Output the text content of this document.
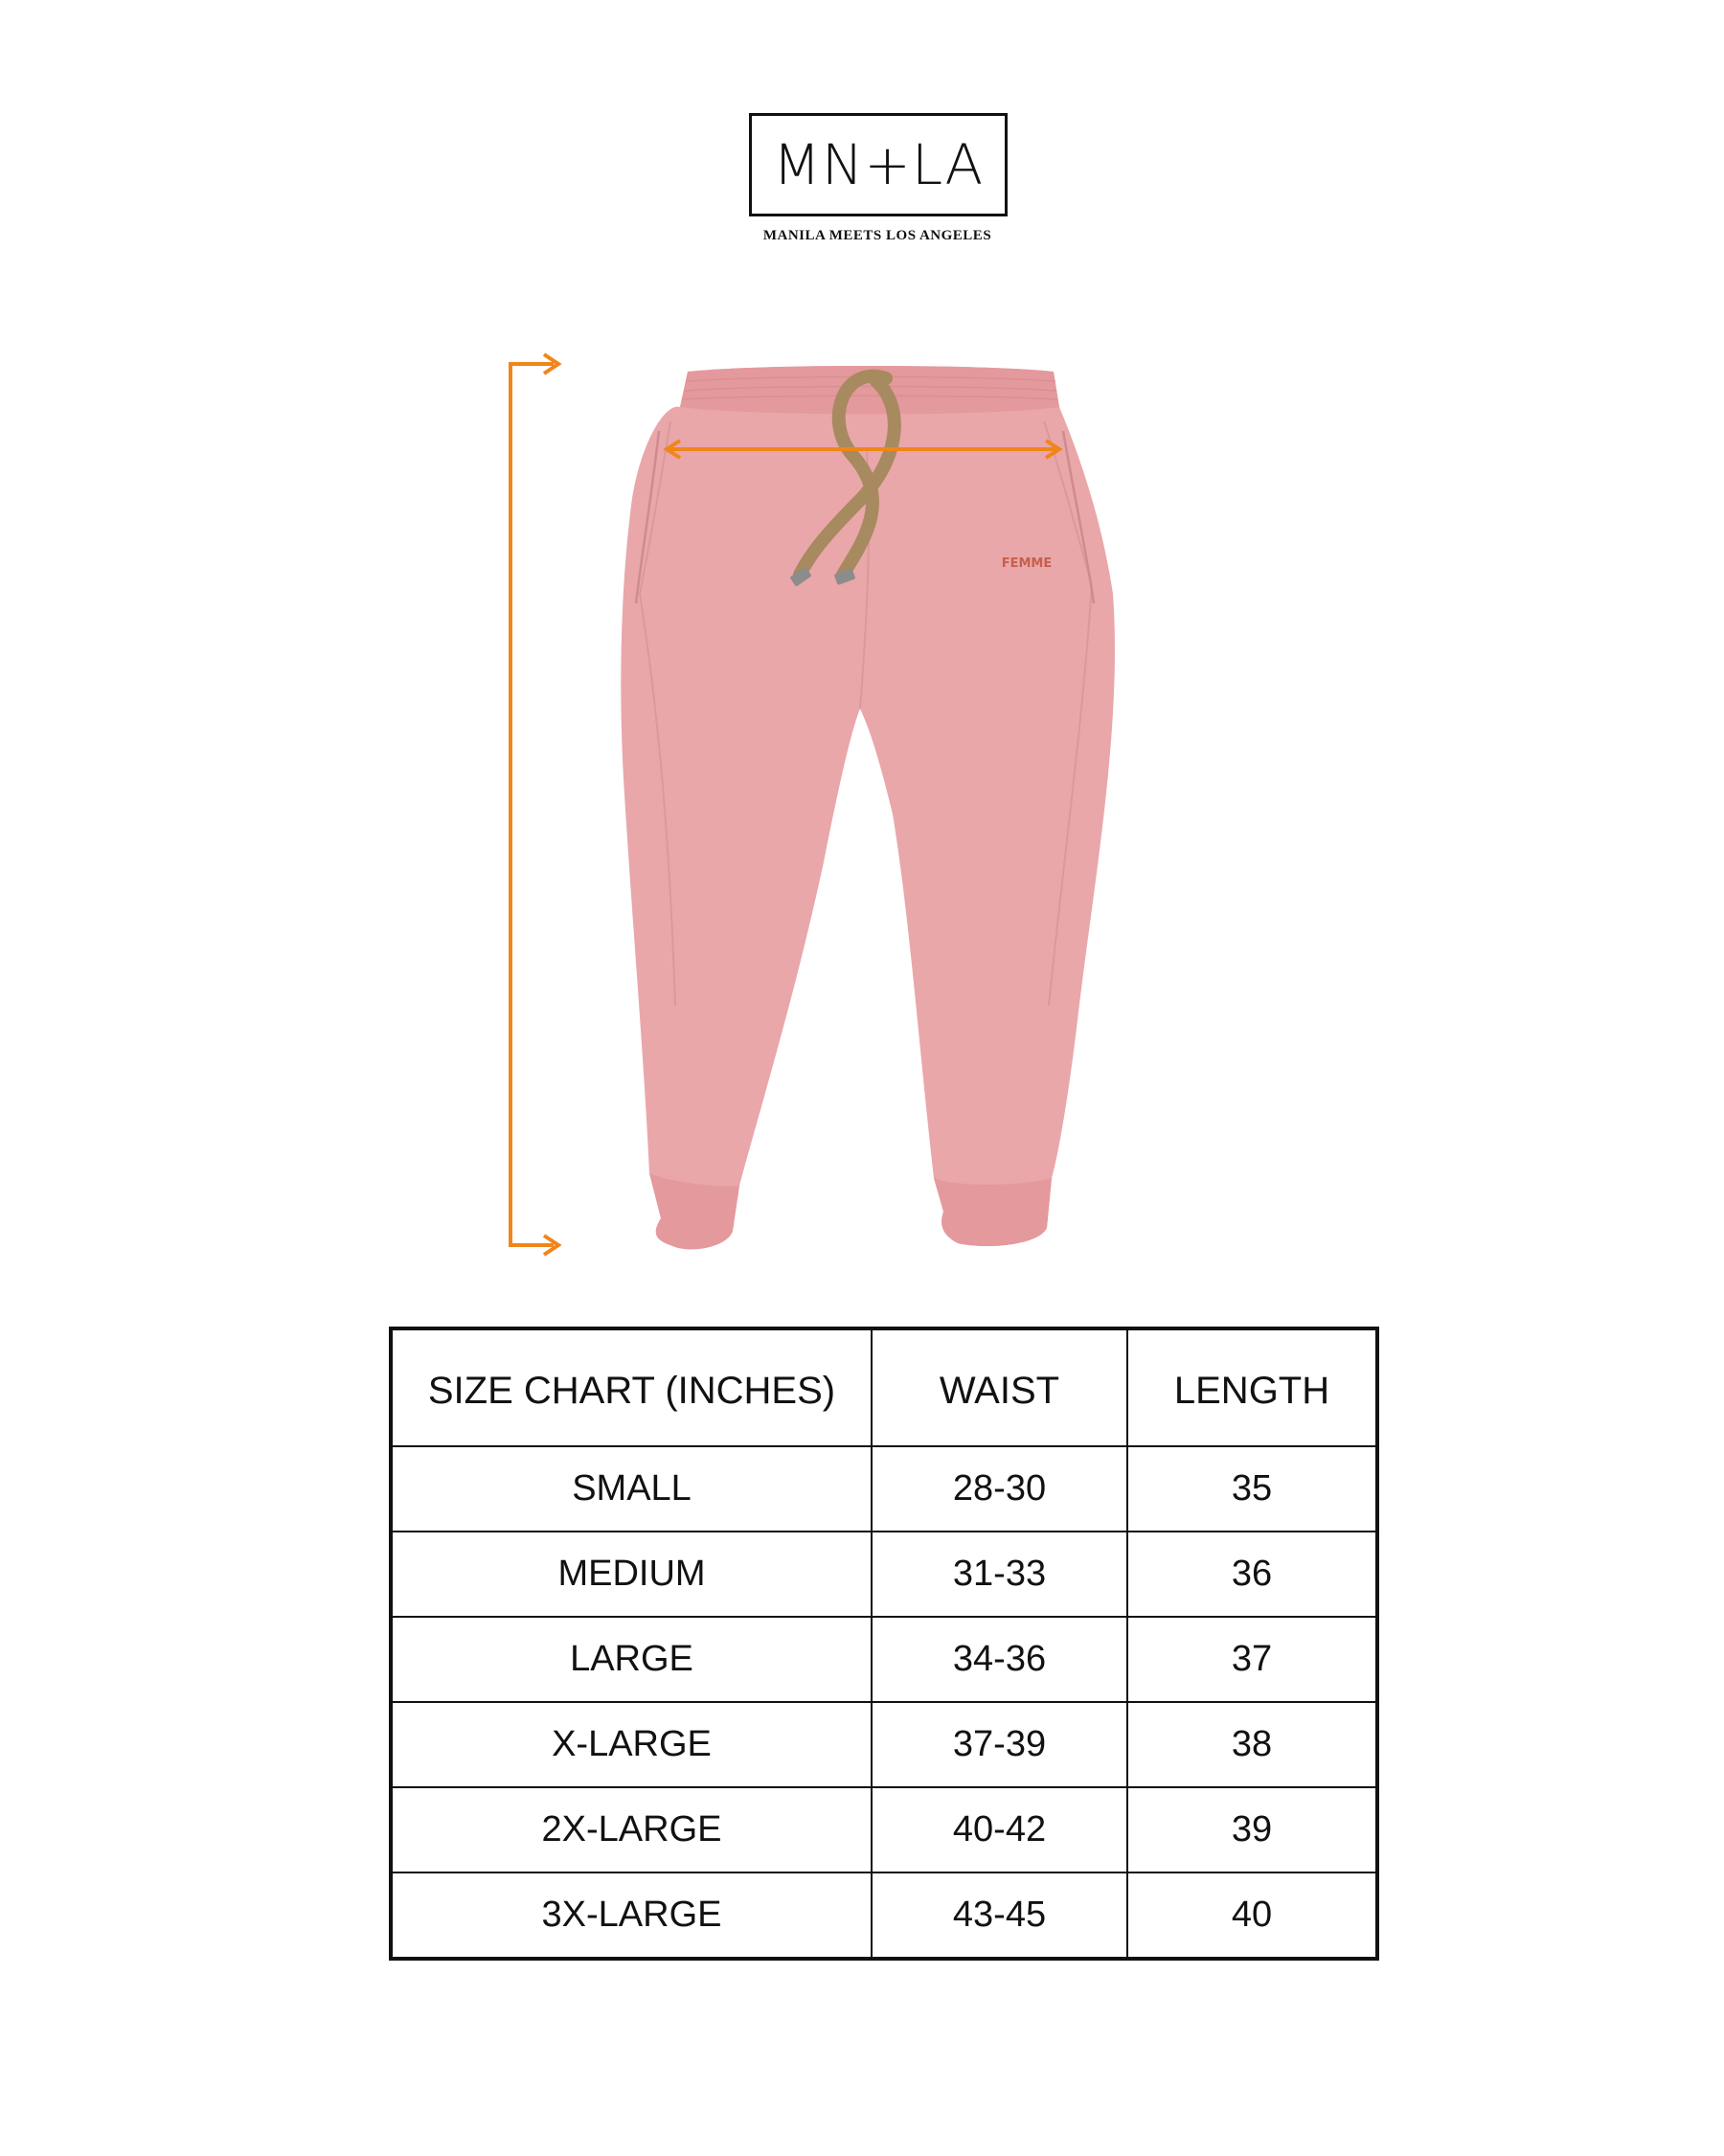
MN+LA
MANILA MEETS LOS ANGELES
FEMME
SIZE CHART (INCHES)	WAIST	LENGTH
SMALL	28-30	35
MEDIUM	31-33	36
LARGE	34-36	37
X-LARGE	37-39	38
2X-LARGE	40-42	39
3X-LARGE	43-45	40
